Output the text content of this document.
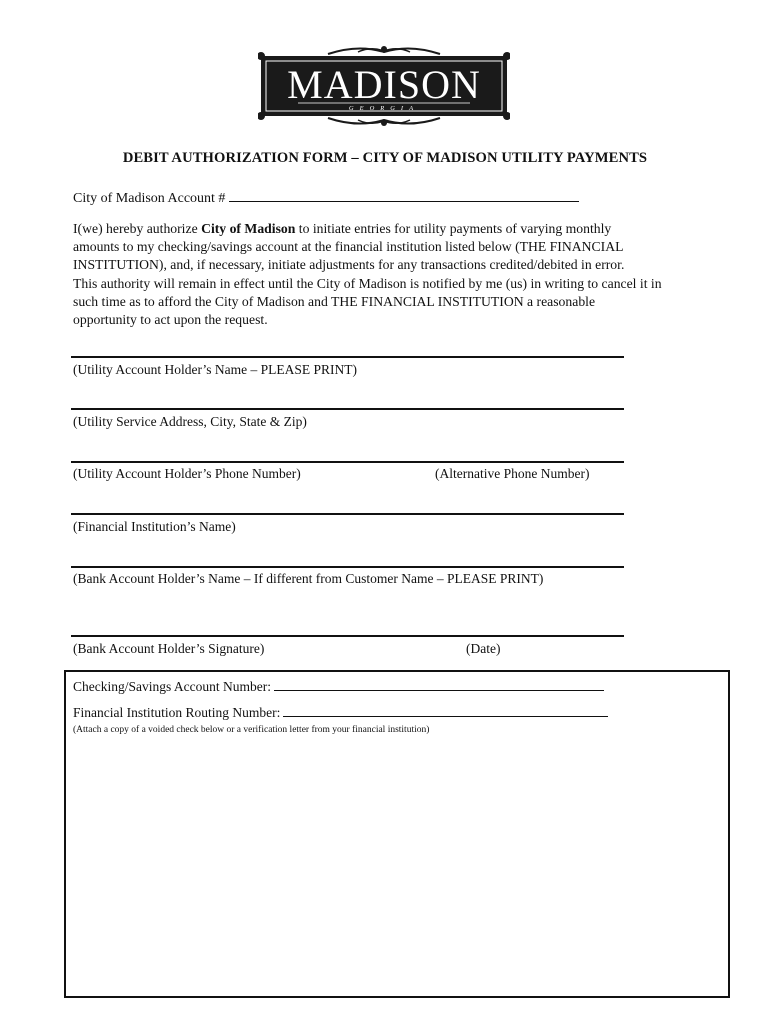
MADISON
GEORGIA
DEBIT AUTHORIZATION FORM – CITY OF MADISON UTILITY PAYMENTS
City of Madison Account #
I(we) hereby authorize City of Madison to initiate entries for utility payments of varying monthly
amounts to my checking/savings account at the financial institution listed below (THE FINANCIAL
INSTITUTION), and, if necessary, initiate adjustments for any transactions credited/debited in error.
This authority will remain in effect until the City of Madison is notified by me (us) in writing to cancel it in
such time as to afford the City of Madison and THE FINANCIAL INSTITUTION a reasonable
opportunity to act upon the request.
(Utility Account Holder’s Name – PLEASE PRINT)
(Utility Service Address, City, State & Zip)
(Utility Account Holder’s Phone Number)	(Alternative Phone Number)
(Financial Institution’s Name)
(Bank Account Holder’s Name – If different from Customer Name – PLEASE PRINT)
(Bank Account Holder’s Signature)	(Date)
Checking/Savings Account Number:
Financial Institution Routing Number:
(Attach a copy of a voided check below or a verification letter from your financial institution)
